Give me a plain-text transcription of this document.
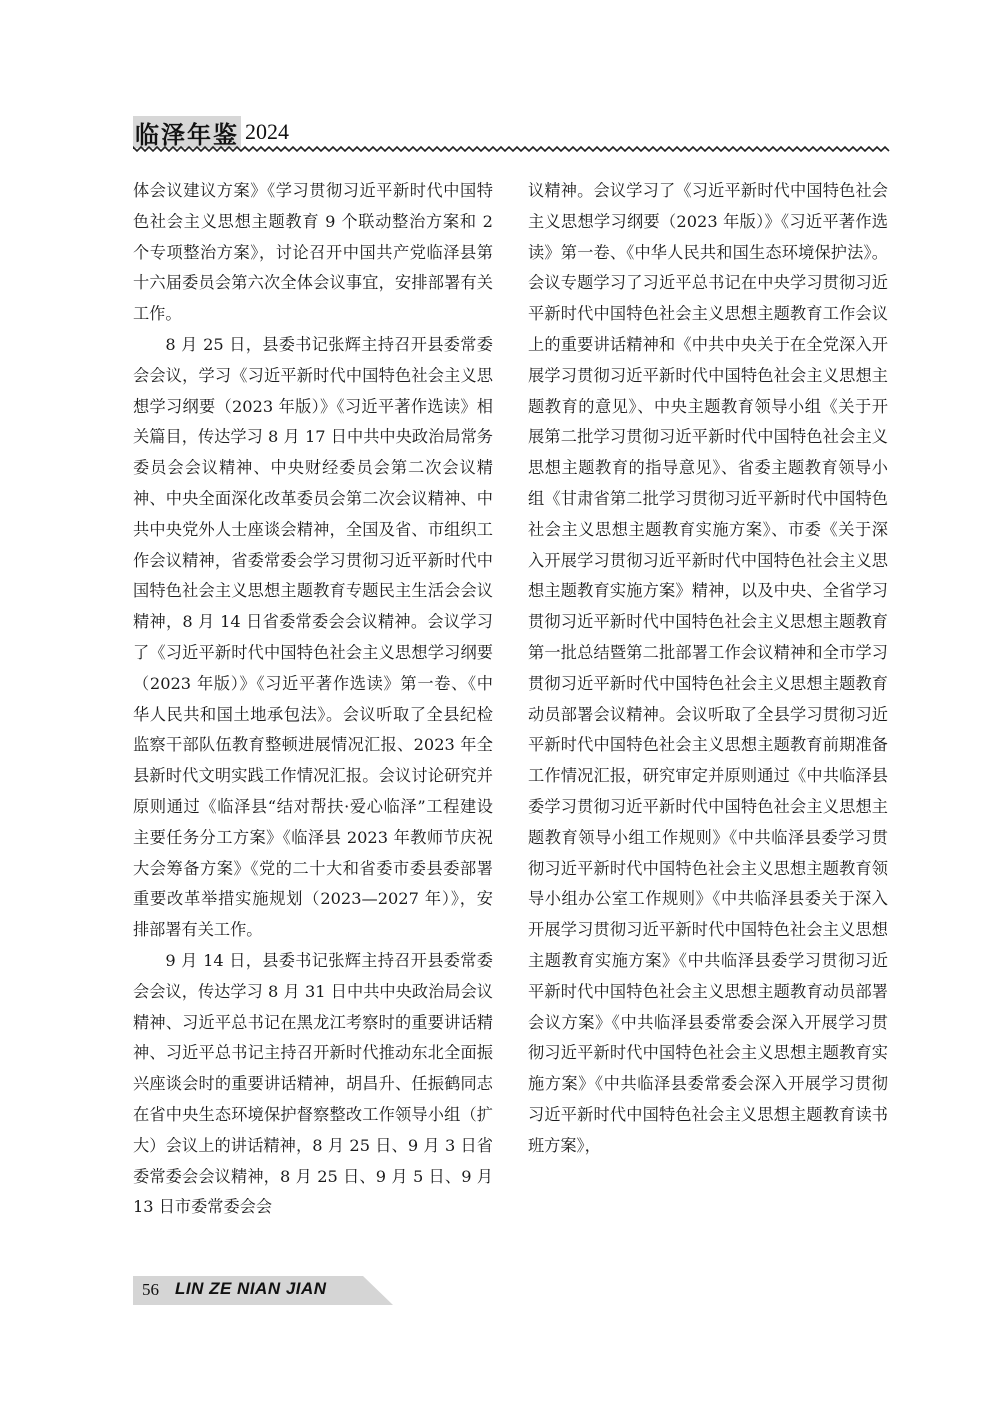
临泽年鉴 2024

体会议建议方案》《学习贯彻习近平新时代中国特色社会主义思想主题教育 9 个联动整治方案和 2 个专项整治方案》，讨论召开中国共产党临泽县第十六届委员会第六次全体会议事宜，安排部署有关工作。

8 月 25 日，县委书记张辉主持召开县委常委会会议，学习《习近平新时代中国特色社会主义思想学习纲要（2023 年版）》《习近平著作选读》相关篇目，传达学习 8 月 17 日中共中央政治局常务委员会会议精神、中央财经委员会第二次会议精神、中央全面深化改革委员会第二次会议精神、中共中央党外人士座谈会精神，全国及省、市组织工作会议精神，省委常委会学习贯彻习近平新时代中国特色社会主义思想主题教育专题民主生活会会议精神，8 月 14 日省委常委会会议精神。会议学习了《习近平新时代中国特色社会主义思想学习纲要（2023 年版）》《习近平著作选读》第一卷、《中华人民共和国土地承包法》。会议听取了全县纪检监察干部队伍教育整顿进展情况汇报、2023 年全县新时代文明实践工作情况汇报。会议讨论研究并原则通过《临泽县“结对帮扶·爱心临泽”工程建设主要任务分工方案》《临泽县 2023 年教师节庆祝大会筹备方案》《党的二十大和省委市委县委部署重要改革举措实施规划（2023—2027 年）》，安排部署有关工作。

9 月 14 日，县委书记张辉主持召开县委常委会会议，传达学习 8 月 31 日中共中央政治局会议精神、习近平总书记在黑龙江考察时的重要讲话精神、习近平总书记主持召开新时代推动东北全面振兴座谈会时的重要讲话精神，胡昌升、任振鹤同志在省中央生态环境保护督察整改工作领导小组（扩大）会议上的讲话精神，8 月 25 日、9 月 3 日省委常委会会议精神，8 月 25 日、9 月 5 日、9 月 13 日市委常委会会

议精神。会议学习了《习近平新时代中国特色社会主义思想学习纲要（2023 年版）》《习近平著作选读》第一卷、《中华人民共和国生态环境保护法》。会议专题学习了习近平总书记在中央学习贯彻习近平新时代中国特色社会主义思想主题教育工作会议上的重要讲话精神和《中共中央关于在全党深入开展学习贯彻习近平新时代中国特色社会主义思想主题教育的意见》、中央主题教育领导小组《关于开展第二批学习贯彻习近平新时代中国特色社会主义思想主题教育的指导意见》、省委主题教育领导小组《甘肃省第二批学习贯彻习近平新时代中国特色社会主义思想主题教育实施方案》、市委《关于深入开展学习贯彻习近平新时代中国特色社会主义思想主题教育实施方案》精神，以及中央、全省学习贯彻习近平新时代中国特色社会主义思想主题教育第一批总结暨第二批部署工作会议精神和全市学习贯彻习近平新时代中国特色社会主义思想主题教育动员部署会议精神。会议听取了全县学习贯彻习近平新时代中国特色社会主义思想主题教育前期准备工作情况汇报，研究审定并原则通过《中共临泽县委学习贯彻习近平新时代中国特色社会主义思想主题教育领导小组工作规则》《中共临泽县委学习贯彻习近平新时代中国特色社会主义思想主题教育领导小组办公室工作规则》《中共临泽县委关于深入开展学习贯彻习近平新时代中国特色社会主义思想主题教育实施方案》《中共临泽县委学习贯彻习近平新时代中国特色社会主义思想主题教育动员部署会议方案》《中共临泽县委常委会深入开展学习贯彻习近平新时代中国特色社会主义思想主题教育实施方案》《中共临泽县委常委会深入开展学习贯彻习近平新时代中国特色社会主义思想主题教育读书班方案》，

56 LIN ZE NIAN JIAN
